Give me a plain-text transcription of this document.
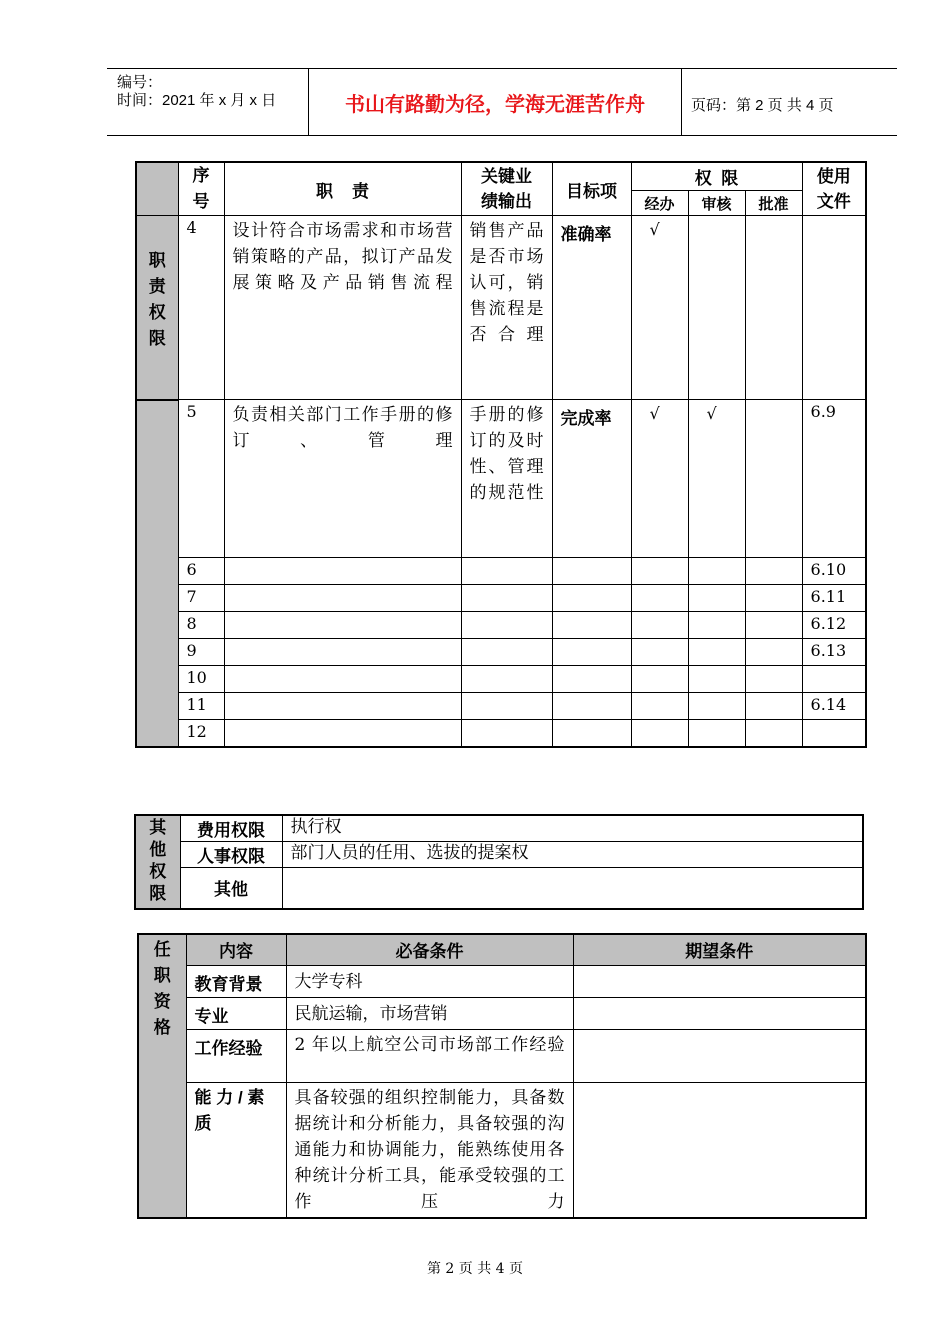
编号：
时间：2021 年 x 月 x 日	书山有路勤为径，学海无涯苦作舟	页码：第 2 页 共 4 页

	序号	职    责	关键业绩输出	目标项	权  限			使用文件

					经办	审核	批准	

职责权限	4	设计符合市场需求和市场营销策略的产品，拟订产品发展策略及产品销售流程	销售产品是否市场认可，销售流程是否合理	准确率	√			
	5	负责相关部门工作手册的修订、管理	手册的修订的及时性、管理的规范性	完成率	√	√		6.9
	6							6.10
	7							6.11
	8							6.12
	9							6.13
	10							
	11							6.14
	12							
其他权限	费用权限	执行权
	人事权限	部门人员的任用、选拔的提案权
	其他	
任职资格	内容	必备条件	期望条件
	教育背景	大学专科	
	专业	民航运输，市场营销	
	工作经验	2 年以上航空公司市场部工作经验	

	能 力 / 素 质	具备较强的组织控制能力，具备数据统计和分析能力，具备较强的沟通能力和协调能力，能熟练使用各种统计分析工具，能承受较强的工作压力	

第 2 页 共 4 页
